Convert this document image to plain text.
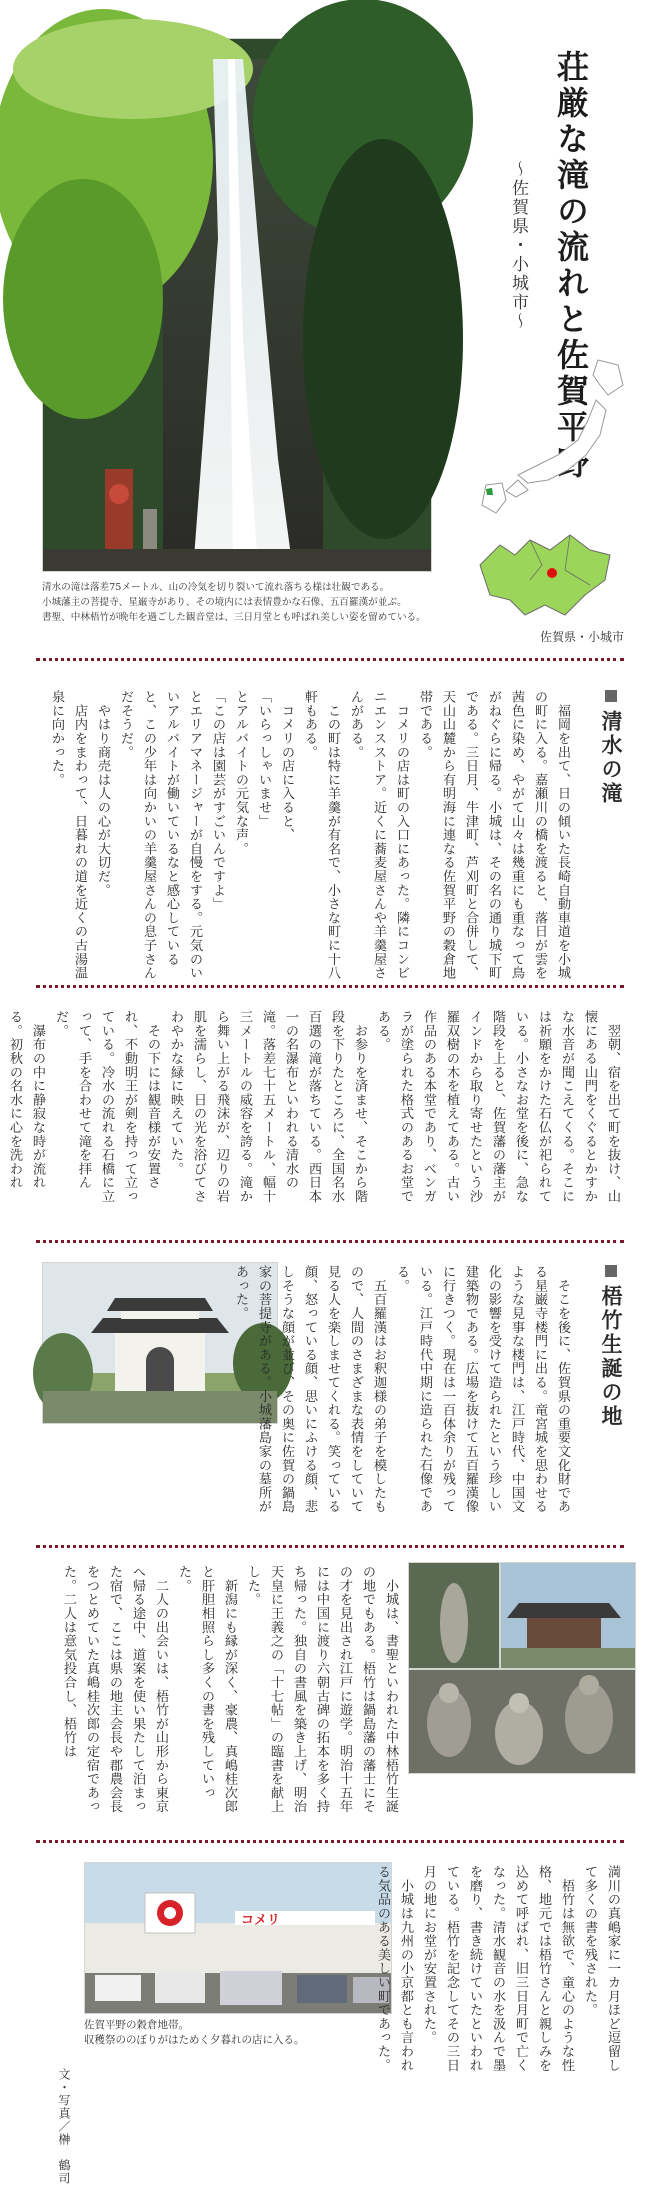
清水の滝は落差75メートル、山の冷気を切り裂いて流れ落ちる様は壮観である。
小城藩主の菩提寺、星巌寺があり、その境内には表情豊かな石像、五百羅漢が並ぶ。
書聖、中林梧竹が晩年を過ごした観音堂は、三日月堂とも呼ばれ美しい姿を留めている。
荘厳な滝の流れと佐賀平野
〜佐賀県・小城市〜
佐賀県・小城市
清水の滝
　福岡を出て、日の傾いた長崎自動車道を小城の町に入る。嘉瀬川の橋を渡ると、落日が雲を茜色に染め、やがて山々は幾重にも重なって鳥がねぐらに帰る。小城は、その名の通り城下町である。三日月、牛津町、芦刈町と合併して、天山山麓から有明海に連なる佐賀平野の穀倉地帯である。
　コメリの店は町の入口にあった。隣にコンビニエンスストア。近くに蕎麦屋さんや羊羹屋さんがある。
　この町は特に羊羹が有名で、小さな町に十八軒もある。
　コメリの店に入ると、
「いらっしゃいませ」
とアルバイトの元気な声。
「この店は園芸がすごいんですよ」
とエリアマネージャーが自慢をする。元気のいいアルバイトが働いているなと感心していると、この少年は向かいの羊羹屋さんの息子さんだそうだ。
　やはり商売は人の心が大切だ。
　店内をまわって、日暮れの道を近くの古湯温泉に向かった。
　翌朝、宿を出て町を抜け、山懐にある山門をくぐるとかすかな水音が聞こえてくる。そこには祈願をかけた石仏が祀られている。小さなお堂を後に、急な階段を上ると、佐賀藩の藩主がインドから取り寄せたという沙羅双樹の木を植えてある。古い作品のある本堂であり、べンガラが塗られた格式のあるお堂である。
　お参りを済ませ、そこから階段を下りたところに、全国名水百選の滝が落ちている。西日本一の名瀑布といわれる清水の滝。落差七十五メートル、幅十三メートルの威容を誇る。滝から舞い上がる飛沫が、辺りの岩肌を濡らし、日の光を浴びてさわやかな緑に映えていた。
　その下には観音様が安置され、不動明王が剣を持って立っている。冷水の流れる石橋に立って、手を合わせて滝を拝んだ。
　瀑布の中に静寂な時が流れる。初秋の名水に心を洗われ
梧竹生誕の地
　そこを後に、佐賀県の重要文化財である星巌寺楼門に出る。竜宮城を思わせるような見事な楼門は、江戸時代、中国文化の影響を受けて造られたという珍しい建築物である。広場を抜けて五百羅漢像に行きつく。現在は一百体余りが残っている。江戸時代中期に造られた石像である。
　五百羅漢はお釈迦様の弟子を模したもので、人間のさまざまな表情をしていて見る人を楽しませてくれる。笑っている顔、怒っている顔、思いにふける顔、悲しそうな顔が並び、その奥に佐賀の鍋島家の菩提寺がある。小城藩島家の墓所があった。
　小城は、書聖といわれた中林梧竹生誕の地でもある。梧竹は鍋島藩の藩士にその才を見出され江戸に遊学。明治十五年には中国に渡り六朝古碑の拓本を多く持ち帰った。独自の書風を築き上げ、明治天皇に王義之の「十七帖」の臨書を献上した。
　新潟にも縁が深く、豪農、真嶋桂次郎と肝胆相照らし多くの書を残していった。
　二人の出会いは、梧竹が山形から東京へ帰る途中、道案を使い果たして泊まった宿で、ここは県の地主会長や郡農会長をつとめていた真嶋桂次郎の定宿であった。二人は意気投合し、梧竹は
コメリ
佐賀平野の穀倉地帯。
収穫祭ののぼりがはためく夕暮れの店に入る。
文・写真／榊　鶴司
満川の真嶋家に一カ月ほど逗留して多くの書を残された。
　梧竹は無欲で、童心のような性格、地元では梧竹さんと親しみを込めて呼ばれ、旧三日月町で亡くなった。清水観音の水を汲んで墨を磨り、書き続けていたといわれている。梧竹を記念してその三日月の地にお堂が安置された。
　小城は九州の小京都とも言われる気品のある美しい町であった。
